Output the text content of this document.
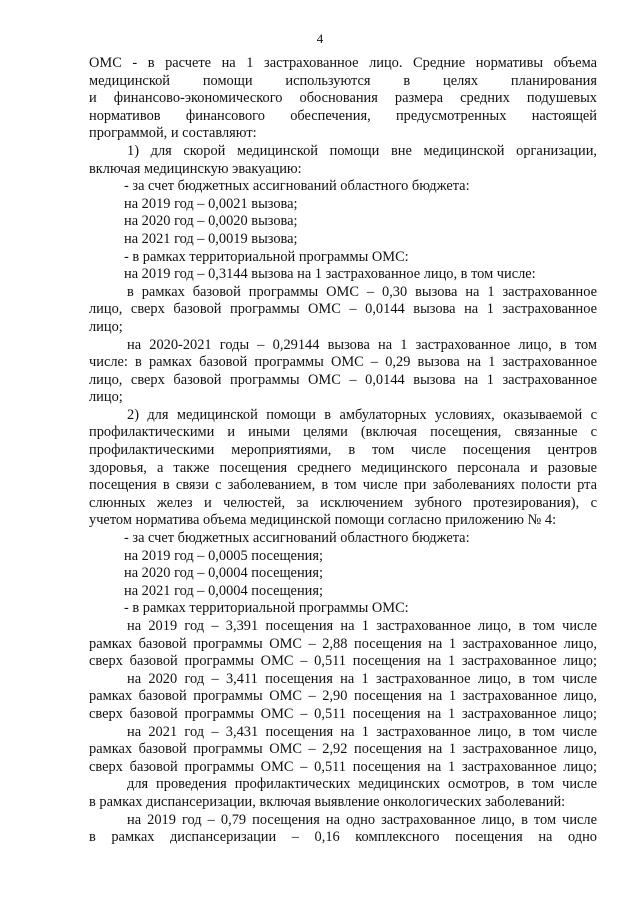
4
ОМС - в расчете на 1 застрахованное лицо. Средние нормативы объема
медицинской помощи используются в целях планирования
и финансово-экономического обоснования размера средних подушевых
нормативов финансового обеспечения, предусмотренных настоящей
программой, и составляют:
1) для скорой медицинской помощи вне медицинской организации,
включая медицинскую эвакуацию:
- за счет бюджетных ассигнований областного бюджета:
на 2019 год – 0,0021 вызова;
на 2020 год – 0,0020 вызова;
на 2021 год – 0,0019 вызова;
- в рамках территориальной программы ОМС:
на 2019 год – 0,3144 вызова на 1 застрахованное лицо, в том числе:
в рамках базовой программы ОМС – 0,30 вызова на 1 застрахованное
лицо, сверх базовой программы ОМС – 0,0144 вызова на 1 застрахованное
лицо;
на 2020-2021 годы – 0,29144 вызова на 1 застрахованное лицо, в том
числе: в рамках базовой программы ОМС – 0,29 вызова на 1 застрахованное
лицо, сверх базовой программы ОМС – 0,0144 вызова на 1 застрахованное
лицо;
2) для медицинской помощи в амбулаторных условиях, оказываемой с
профилактическими и иными целями (включая посещения, связанные с
профилактическими мероприятиями, в том числе посещения центров
здоровья, а также посещения среднего медицинского персонала и разовые
посещения в связи с заболеванием, в том числе при заболеваниях полости рта
слюнных желез и челюстей, за исключением зубного протезирования), с
учетом норматива объема медицинской помощи согласно приложению № 4:
- за счет бюджетных ассигнований областного бюджета:
на 2019 год – 0,0005 посещения;
на 2020 год – 0,0004 посещения;
на 2021 год – 0,0004 посещения;
- в рамках территориальной программы ОМС:
на 2019 год – 3,391 посещения на 1 застрахованное лицо, в том числе
рамках базовой программы ОМС – 2,88 посещения на 1 застрахованное лицо,
сверх базовой программы ОМС – 0,511 посещения на 1 застрахованное лицо;
на 2020 год – 3,411 посещения на 1 застрахованное лицо, в том числе
рамках базовой программы ОМС – 2,90 посещения на 1 застрахованное лицо,
сверх базовой программы ОМС – 0,511 посещения на 1 застрахованное лицо;
на 2021 год – 3,431 посещения на 1 застрахованное лицо, в том числе
рамках базовой программы ОМС – 2,92 посещения на 1 застрахованное лицо,
сверх базовой программы ОМС – 0,511 посещения на 1 застрахованное лицо;
для проведения профилактических медицинских осмотров, в том числе
в рамках диспансеризации, включая выявление онкологических заболеваний:
на 2019 год – 0,79 посещения на одно застрахованное лицо, в том числе
в рамках диспансеризации – 0,16 комплексного посещения на одно
